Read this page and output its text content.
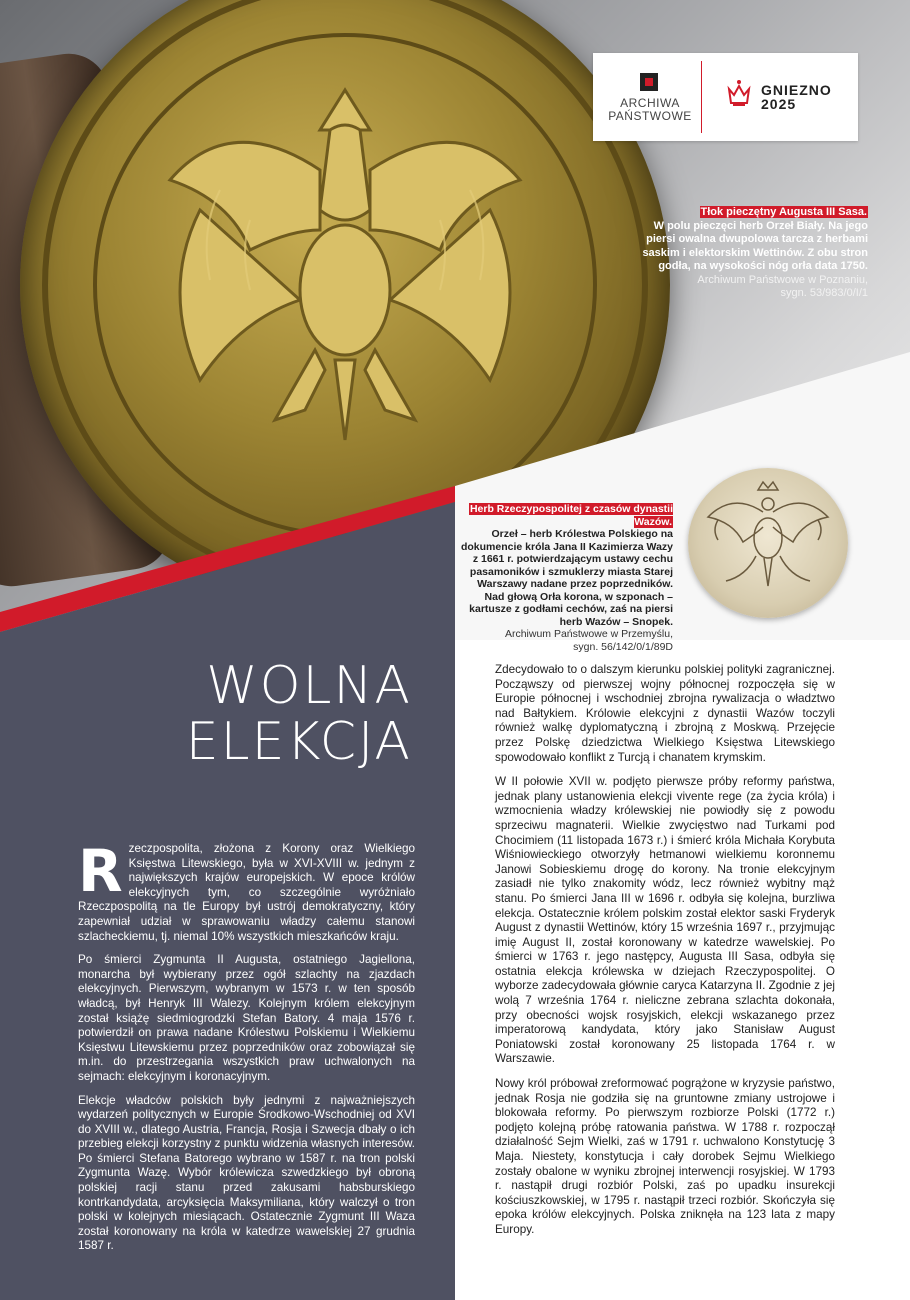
ARCHIWA
PAŃSTWOWE
GNIEZNO
2025
Tłok pieczętny Augusta III Sasa.
W polu pieczęci herb Orzeł Biały. Na jego piersi owalna dwupolowa tarcza z herbami saskim i elektorskim Wettinów. Z obu stron godła, na wysokości nóg orła data 1750.
Archiwum Państwowe w Poznaniu,
sygn. 53/983/0/I/1
Herb Rzeczypospolitej z czasów dynastii Wazów.
Orzeł – herb Królestwa Polskiego na dokumencie króla Jana II Kazimierza Wazy z 1661 r. potwierdzającym ustawy cechu pasamoników i szmuklerzy miasta Starej Warszawy nadane przez poprzedników. Nad głową Orła korona, w szponach – kartusze z godłami cechów, zaś na piersi herb Wazów – Snopek.
Archiwum Państwowe w Przemyślu,
sygn. 56/142/0/1/89D
WOLNA
ELEKCJA

Rzeczpospolita, złożona z Korony oraz Wielkiego Księstwa Litewskiego, była w XVI-XVIII w. jednym z największych krajów europejskich. W epoce królów elekcyjnych tym, co szczególnie wyróżniało Rzeczpospolitą na tle Europy był ustrój demokratyczny, który zapewniał udział w sprawowaniu władzy całemu stanowi szlacheckiemu, tj. niemal 10% wszystkich mieszkańców kraju.

Po śmierci Zygmunta II Augusta, ostatniego Jagiellona, monarcha był wybierany przez ogół szlachty na zjazdach elekcyjnych. Pierwszym, wybranym w 1573 r. w ten sposób władcą, był Henryk III Walezy. Kolejnym królem elekcyjnym został książę siedmiogrodzki Stefan Batory. 4 maja 1576 r. potwierdził on prawa nadane Królestwu Polskiemu i Wielkiemu Księstwu Litewskiemu przez poprzedników oraz zobowiązał się m.in. do przestrzegania wszystkich praw uchwalonych na sejmach: elekcyjnym i koronacyjnym.

Elekcje władców polskich były jednymi z najważniejszych wydarzeń politycznych w Europie Środkowo-Wschodniej od XVI do XVIII w., dlatego Austria, Francja, Rosja i Szwecja dbały o ich przebieg elekcji korzystny z punktu widzenia własnych interesów. Po śmierci Stefana Batorego wybrano w 1587 r. na tron polski Zygmunta Wazę. Wybór królewicza szwedzkiego był obroną polskiej racji stanu przed zakusami habsburskiego kontrkandydata, arcyksięcia Maksymiliana, który walczył o tron polski w kolejnych miesiącach. Ostatecznie Zygmunt III Waza został koronowany na króla w katedrze wawelskiej 27 grudnia 1587 r.

Zdecydowało to o dalszym kierunku polskiej polityki zagranicznej. Począwszy od pierwszej wojny północnej rozpoczęła się w Europie północnej i wschodniej zbrojna rywalizacja o władztwo nad Bałtykiem. Królowie elekcyjni z dynastii Wazów toczyli również walkę dyplomatyczną i zbrojną z Moskwą. Przejęcie przez Polskę dziedzictwa Wielkiego Księstwa Litewskiego spowodowało konflikt z Turcją i chanatem krymskim.

W II połowie XVII w. podjęto pierwsze próby reformy państwa, jednak plany ustanowienia elekcji vivente rege (za życia króla) i wzmocnienia władzy królewskiej nie powiodły się z powodu sprzeciwu magnaterii. Wielkie zwycięstwo nad Turkami pod Chocimiem (11 listopada 1673 r.) i śmierć króla Michała Korybuta Wiśniowieckiego otworzyły hetmanowi wielkiemu koronnemu Janowi Sobieskiemu drogę do korony. Na tronie elekcyjnym zasiadł nie tylko znakomity wódz, lecz również wybitny mąż stanu. Po śmierci Jana III w 1696 r. odbyła się kolejna, burzliwa elekcja. Ostatecznie królem polskim został elektor saski Fryderyk August z dynastii Wettinów, który 15 września 1697 r., przyjmując imię August II, został koronowany w katedrze wawelskiej. Po śmierci w 1763 r. jego następcy, Augusta III Sasa, odbyła się ostatnia elekcja królewska w dziejach Rzeczypospolitej. O wyborze zadecydowała głównie caryca Katarzyna II. Zgodnie z jej wolą 7 września 1764 r. nieliczne zebrana szlachta dokonała, przy obecności wojsk rosyjskich, elekcji wskazanego przez imperatorową kandydata, który jako Stanisław August Poniatowski został koronowany 25 listopada 1764 r. w Warszawie.

Nowy król próbował zreformować pogrążone w kryzysie państwo, jednak Rosja nie godziła się na gruntowne zmiany ustrojowe i blokowała reformy. Po pierwszym rozbiorze Polski (1772 r.) podjęto kolejną próbę ratowania państwa. W 1788 r. rozpoczął działalność Sejm Wielki, zaś w 1791 r. uchwalono Konstytucję 3 Maja. Niestety, konstytucja i cały dorobek Sejmu Wielkiego zostały obalone w wyniku zbrojnej interwencji rosyjskiej. W 1793 r. nastąpił drugi rozbiór Polski, zaś po upadku insurekcji kościuszkowskiej, w 1795 r. nastąpił trzeci rozbiór. Skończyła się epoka królów elekcyjnych. Polska zniknęła na 123 lata z mapy Europy.
